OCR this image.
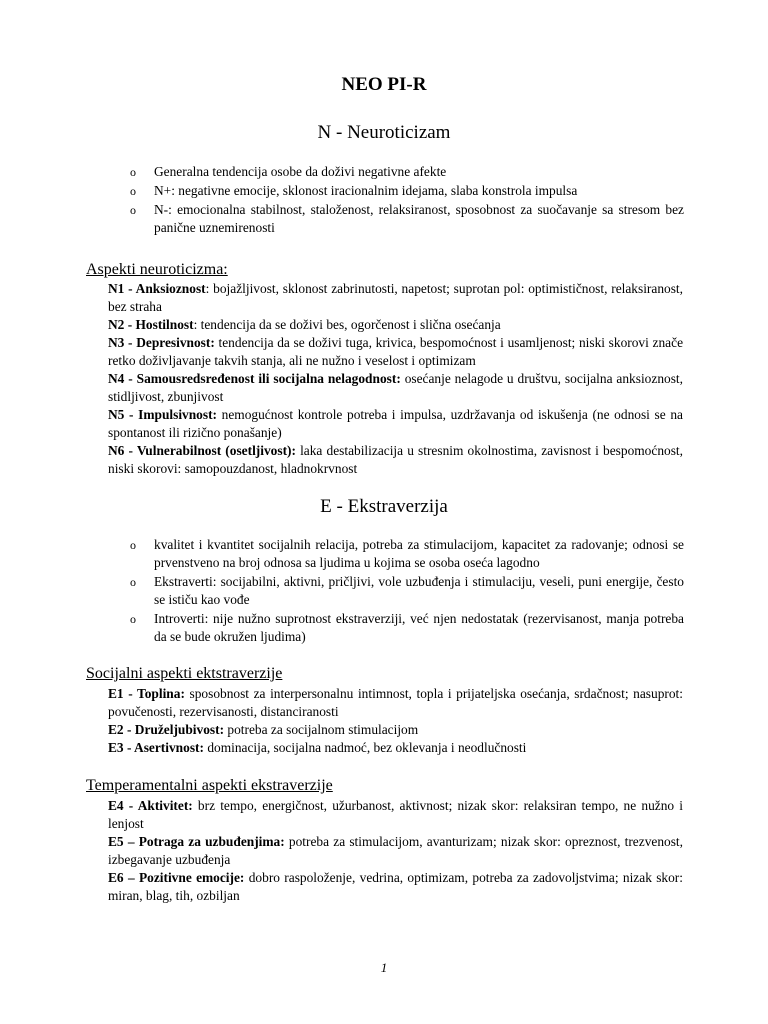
NEO PI-R
N - Neuroticizam
o Generalna tendencija osobe da doživi negativne afekte
o N+: negativne emocije, sklonost iracionalnim idejama, slaba konstrola impulsa
o N-: emocionalna stabilnost, staloženost, relaksiranost, sposobnost za suočavanje sa stresom bez panične uznemirenosti
Aspekti neuroticizma:

N1 - Anksioznost: bojažljivost, sklonost zabrinutosti, napetost; suprotan pol: optimističnost, relaksiranost, bez straha

N2 - Hostilnost: tendencija da se doživi bes, ogorčenost i slična osećanja

N3 - Depresivnost: tendencija da se doživi tuga, krivica, bespomoćnost i usamljenost; niski skorovi znače retko doživljavanje takvih stanja, ali ne nužno i veselost i optimizam

N4 - Samousredsređenost ili socijalna nelagodnost: osećanje nelagode u društvu, socijalna anksioznost, stidljivost, zbunjivost

N5 - Impulsivnost: nemogućnost kontrole potreba i impulsa, uzdržavanja od iskušenja (ne odnosi se na spontanost ili rizično ponašanje)

N6 - Vulnerabilnost (osetljivost): laka destabilizacija u stresnim okolnostima, zavisnost i bespomoćnost, niski skorovi: samopouzdanost, hladnokrvnost

E - Ekstraverzija
o kvalitet i kvantitet socijalnih relacija, potreba za stimulacijom, kapacitet za radovanje; odnosi se prvenstveno na broj odnosa sa ljudima u kojima se osoba oseća lagodno
o Ekstraverti: socijabilni, aktivni, pričljivi, vole uzbuđenja i stimulaciju, veseli, puni energije, često se ističu kao vođe
o Introverti: nije nužno suprotnost ekstraverziji, već njen nedostatak (rezervisanost, manja potreba da se bude okružen ljudima)
Socijalni aspekti ektstraverzije

E1 - Toplina: sposobnost za interpersonalnu intimnost, topla i prijateljska osećanja, srdačnost; nasuprot: povučenosti, rezervisanosti, distanciranosti

E2 - Druželjubivost: potreba za socijalnom stimulacijom

E3 - Asertivnost: dominacija, socijalna nadmoć, bez oklevanja i neodlučnosti

Temperamentalni aspekti ekstraverzije

E4 - Aktivitet: brz tempo, energičnost, užurbanost, aktivnost; nizak skor: relaksiran tempo, ne nužno i lenjost

E5 – Potraga za uzbuđenjima: potreba za stimulacijom, avanturizam; nizak skor: opreznost, trezvenost, izbegavanje uzbuđenja

E6 – Pozitivne emocije: dobro raspoloženje, vedrina, optimizam, potreba za zadovoljstvima; nizak skor: miran, blag, tih, ozbiljan

1
